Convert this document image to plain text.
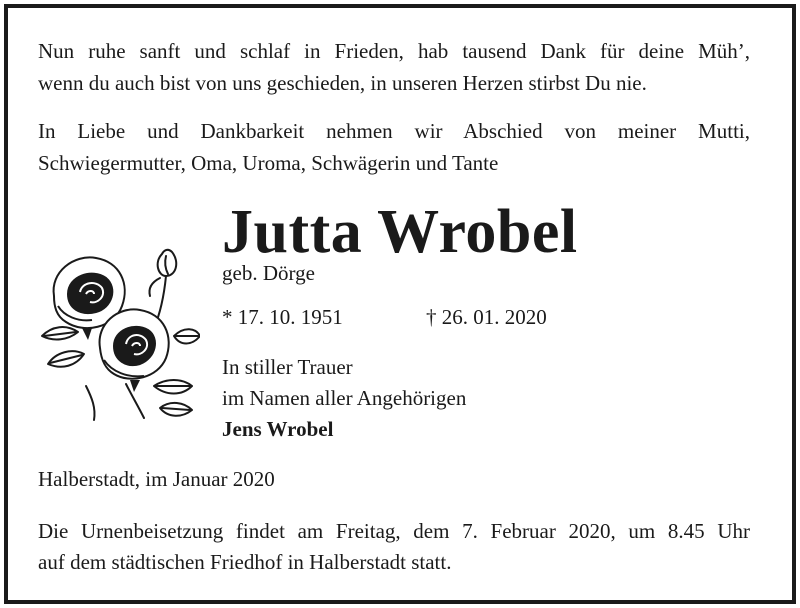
Nun ruhe sanft und schlaf in Frieden, hab tausend Dank für deine Müh’,
wenn du auch bist von uns geschieden, in unseren Herzen stirbst Du nie.
In Liebe und Dankbarkeit nehmen wir Abschied von meiner Mutti,
Schwiegermutter, Oma, Uroma, Schwägerin und Tante
Jutta Wrobel
geb. Dörge
* 17. 10. 1951	† 26. 01. 2020
In stiller Trauer
im Namen aller Angehörigen
Jens Wrobel
Halberstadt, im Januar 2020
Die Urnenbeisetzung findet am Freitag, dem 7. Februar 2020, um 8.45 Uhr
auf dem städtischen Friedhof in Halberstadt statt.
